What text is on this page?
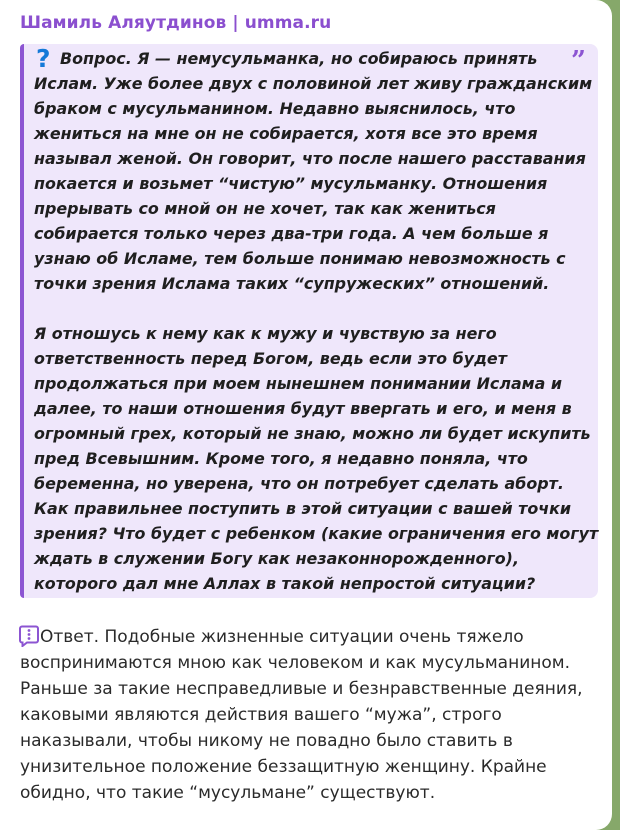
Шамиль Аляутдинов | umma.ru
”
? Вопрос. Я — немусульманка, но собираюсь принять
Ислам. Уже более двух с половиной лет живу гражданским
браком с мусульманином. Недавно выяснилось, что
жениться на мне он не собирается, хотя все это время
называл женой. Он говорит, что после нашего расставания
покается и возьмет “чистую” мусульманку. Отношения
прерывать со мной он не хочет, так как жениться
собирается только через два-три года. А чем больше я
узнаю об Исламе, тем больше понимаю невозможность с
точки зрения Ислама таких “супружеских” отношений.
Я отношусь к нему как к мужу и чувствую за него
ответственность перед Богом, ведь если это будет
продолжаться при моем нынешнем понимании Ислама и
далее, то наши отношения будут ввергать и его, и меня в
огромный грех, который не знаю, можно ли будет искупить
пред Всевышним. Кроме того, я недавно поняла, что
беременна, но уверена, что он потребует сделать аборт.
Как правильнее поступить в этой ситуации с вашей точки
зрения? Что будет с ребенком (какие ограничения его могут
ждать в служении Богу как незаконнорожденного),
которого дал мне Аллах в такой непростой ситуации?
Ответ. Подобные жизненные ситуации очень тяжело
воспринимаются мною как человеком и как мусульманином.
Раньше за такие несправедливые и безнравственные деяния,
каковыми являются действия вашего “мужа”, строго
наказывали, чтобы никому не повадно было ставить в
унизительное положение беззащитную женщину. Крайне
обидно, что такие “мусульмане” существуют.
